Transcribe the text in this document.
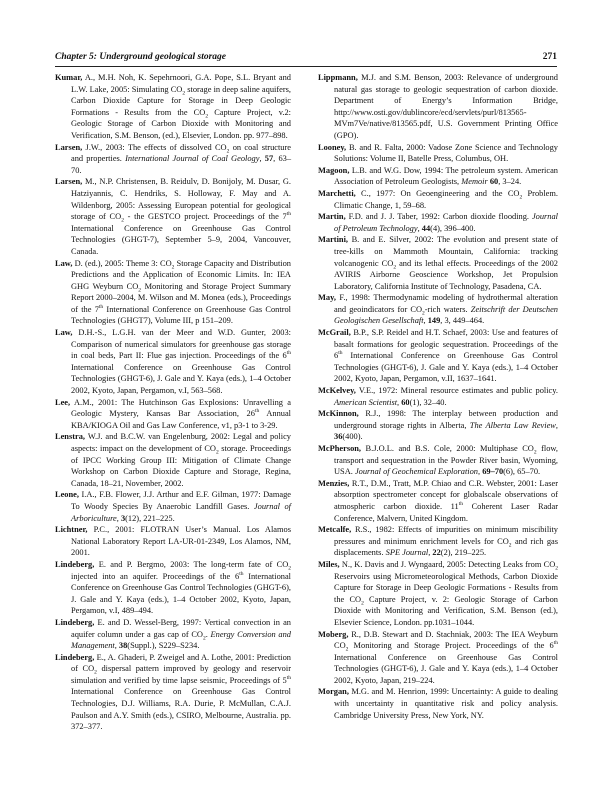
Chapter 5: Underground geological storage	271

Kumar, A., M.H. Noh, K. Sepehrnoori, G.A. Pope, S.L. Bryant and L.W. Lake, 2005: Simulating $CO_2$ storage in deep saline aquifers, Carbon Dioxide Capture for Storage in Deep Geologic Formations - Results from the $CO_2$ Capture Project, v.2: Geologic Storage of Carbon Dioxide with Monitoring and Verification, S.M. Benson, (ed.), Elsevier, London. pp. 977–898.

Larsen, J.W., 2003: The effects of dissolved $CO_2$ on coal structure and properties. International Journal of Coal Geology, 57, 63–70.

Larsen, M., N.P. Christensen, B. Reidulv, D. Bonijoly, M. Dusar, G. Hatziyannis, C. Hendriks, S. Holloway, F. May and A. Wildenborg, 2005: Assessing European potential for geological storage of $CO_2$ - the GESTCO project. Proceedings of the 7th International Conference on Greenhouse Gas Control Technologies (GHGT-7), September 5–9, 2004, Vancouver, Canada.

Law, D. (ed.), 2005: Theme 3: $CO_2$ Storage Capacity and Distribution Predictions and the Application of Economic Limits. In: IEA GHG Weyburn $CO_2$ Monitoring and Storage Project Summary Report 2000–2004, M. Wilson and M. Monea (eds.), Proceedings of the 7th International Conference on Greenhouse Gas Control Technologies (GHGT7), Volume III, p 151–209.

Law, D.H.-S., L.G.H. van der Meer and W.D. Gunter, 2003: Comparison of numerical simulators for greenhouse gas storage in coal beds, Part II: Flue gas injection. Proceedings of the 6th International Conference on Greenhouse Gas Control Technologies (GHGT-6), J. Gale and Y. Kaya (eds.), 1–4 October 2002, Kyoto, Japan, Pergamon, v.I, 563–568.

Lee, A.M., 2001: The Hutchinson Gas Explosions: Unravelling a Geologic Mystery, Kansas Bar Association, 26th Annual KBA/KIOGA Oil and Gas Law Conference, v1, p3-1 to 3-29.

Lenstra, W.J. and B.C.W. van Engelenburg, 2002: Legal and policy aspects: impact on the development of $CO_2$ storage. Proceedings of IPCC Working Group III: Mitigation of Climate Change Workshop on Carbon Dioxide Capture and Storage, Regina, Canada, 18–21, November, 2002.

Leone, I.A., F.B. Flower, J.J. Arthur and E.F. Gilman, 1977: Damage To Woody Species By Anaerobic Landfill Gases. Journal of Arboriculture, 3(12), 221–225.

Lichtner, P.C., 2001: FLOTRAN User’s Manual. Los Alamos National Laboratory Report LA-UR-01-2349, Los Alamos, NM, 2001.

Lindeberg, E. and P. Bergmo, 2003: The long-term fate of $CO_2$ injected into an aquifer. Proceedings of the 6th International Conference on Greenhouse Gas Control Technologies (GHGT-6), J. Gale and Y. Kaya (eds.), 1–4 October 2002, Kyoto, Japan, Pergamon, v.I, 489–494.

Lindeberg, E. and D. Wessel-Berg, 1997: Vertical convection in an aquifer column under a gas cap of $CO_2$. Energy Conversion and Management, 38(Suppl.), S229–S234.

Lindeberg, E., A. Ghaderi, P. Zweigel and A. Lothe, 2001: Prediction of $CO_2$ dispersal pattern improved by geology and reservoir simulation and verified by time lapse seismic, Proceedings of 5th International Conference on Greenhouse Gas Control Technologies, D.J. Williams, R.A. Durie, P. McMullan, C.A.J. Paulson and A.Y. Smith (eds.), CSIRO, Melbourne, Australia. pp. 372–377.

Lippmann, M.J. and S.M. Benson, 2003: Relevance of underground natural gas storage to geologic sequestration of carbon dioxide. Department of Energy’s Information Bridge, http://www.osti.gov/dublincore/ecd/servlets/purl/813565-MVm7Ve/native/813565.pdf, U.S. Government Printing Office (GPO).

Looney, B. and R. Falta, 2000: Vadose Zone Science and Technology Solutions: Volume II, Batelle Press, Columbus, OH.

Magoon, L.B. and W.G. Dow, 1994: The petroleum system. American Association of Petroleum Geologists, Memoir 60, 3–24.

Marchetti, C., 1977: On Geoengineering and the $CO_2$ Problem. Climatic Change, 1, 59–68.

Martin, F.D. and J. J. Taber, 1992: Carbon dioxide flooding. Journal of Petroleum Technology, 44(4), 396–400.

Martini, B. and E. Silver, 2002: The evolution and present state of tree-kills on Mammoth Mountain, California: tracking volcanogenic $CO_2$ and its lethal effects. Proceedings of the 2002 AVIRIS Airborne Geoscience Workshop, Jet Propulsion Laboratory, California Institute of Technology, Pasadena, CA.

May, F., 1998: Thermodynamic modeling of hydrothermal alteration and geoindicators for $CO_2$-rich waters. Zeitschrift der Deutschen Geologischen Gesellschaft, 149, 3, 449–464.

McGrail, B.P., S.P. Reidel and H.T. Schaef, 2003: Use and features of basalt formations for geologic sequestration. Proceedings of the 6th International Conference on Greenhouse Gas Control Technologies (GHGT-6), J. Gale and Y. Kaya (eds.), 1–4 October 2002, Kyoto, Japan, Pergamon, v.II, 1637–1641.

McKelvey, V.E., 1972: Mineral resource estimates and public policy. American Scientist, 60(1), 32–40.

McKinnon, R.J., 1998: The interplay between production and underground storage rights in Alberta, The Alberta Law Review, 36(400).

McPherson, B.J.O.L. and B.S. Cole, 2000: Multiphase $CO_2$ flow, transport and sequestration in the Powder River basin, Wyoming, USA. Journal of Geochemical Exploration, 69–70(6), 65–70.

Menzies, R.T., D.M., Tratt, M.P. Chiao and C.R. Webster, 2001: Laser absorption spectrometer concept for globalscale observations of atmospheric carbon dioxide. 11th Coherent Laser Radar Conference, Malvern, United Kingdom.

Metcalfe, R.S., 1982: Effects of impurities on minimum miscibility pressures and minimum enrichment levels for $CO_2$ and rich gas displacements. SPE Journal, 22(2), 219–225.

Miles, N., K. Davis and J. Wyngaard, 2005: Detecting Leaks from $CO_2$ Reservoirs using Micrometeorological Methods, Carbon Dioxide Capture for Storage in Deep Geologic Formations - Results from the $CO_2$ Capture Project, v. 2: Geologic Storage of Carbon Dioxide with Monitoring and Verification, S.M. Benson (ed.), Elsevier Science, London. pp.1031–1044.

Moberg, R., D.B. Stewart and D. Stachniak, 2003: The IEA Weyburn $CO_2$ Monitoring and Storage Project. Proceedings of the 6th International Conference on Greenhouse Gas Control Technologies (GHGT-6), J. Gale and Y. Kaya (eds.), 1–4 October 2002, Kyoto, Japan, 219–224.

Morgan, M.G. and M. Henrion, 1999: Uncertainty: A guide to dealing with uncertainty in quantitative risk and policy analysis. Cambridge University Press, New York, NY.
